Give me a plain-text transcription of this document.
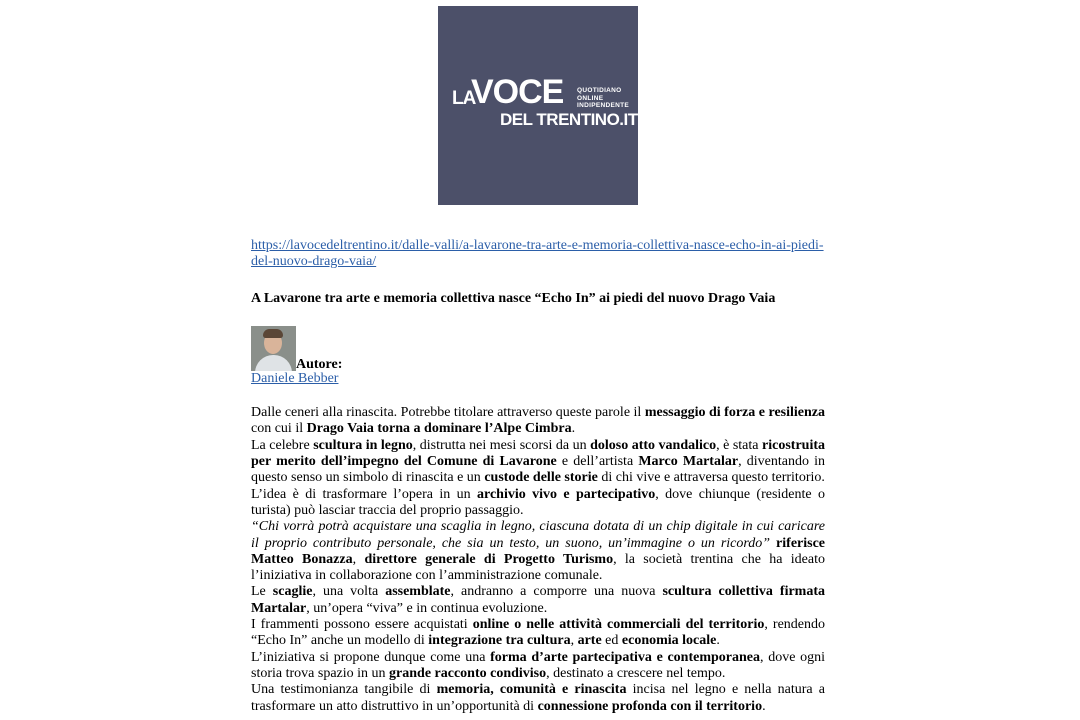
LA
VOCE QUOTIDIANO
ONLINE
INDIPENDENTE
DEL TRENTINO.IT

https://lavocedeltrentino.it/dalle-valli/a-lavarone-tra-arte-e-memoria-collettiva-nasce-echo-in-ai-piedi-del-nuovo-drago-vaia/

A Lavarone tra arte e memoria collettiva nasce “Echo In” ai piedi del nuovo Drago Vaia
Autore:
Daniele Bebber

Dalle ceneri alla rinascita. Potrebbe titolare attraverso queste parole il messaggio di forza e resilienza con cui il Drago Vaia torna a dominare l’Alpe Cimbra.

La celebre scultura in legno, distrutta nei mesi scorsi da un doloso atto vandalico, è stata ricostruita per merito dell’impegno del Comune di Lavarone e dell’artista Marco Martalar, diventando in questo senso un simbolo di rinascita e un custode delle storie di chi vive e attraversa questo territorio.

L’idea è di trasformare l’opera in un archivio vivo e partecipativo, dove chiunque (residente o turista) può lasciar traccia del proprio passaggio.

“Chi vorrà potrà acquistare una scaglia in legno, ciascuna dotata di un chip digitale in cui caricare il proprio contributo personale, che sia un testo, un suono, un’immagine o un ricordo” riferisce Matteo Bonazza, direttore generale di Progetto Turismo, la società trentina che ha ideato l’iniziativa in collaborazione con l’amministrazione comunale.

Le scaglie, una volta assemblate, andranno a comporre una nuova scultura collettiva firmata Martalar, un’opera “viva” e in continua evoluzione.

I frammenti possono essere acquistati online o nelle attività commerciali del territorio, rendendo “Echo In” anche un modello di integrazione tra cultura, arte ed economia locale.

L’iniziativa si propone dunque come una forma d’arte partecipativa e contemporanea, dove ogni storia trova spazio in un grande racconto condiviso, destinato a crescere nel tempo.

Una testimonianza tangibile di memoria, comunità e rinascita incisa nel legno e nella natura a trasformare un atto distruttivo in un’opportunità di connessione profonda con il territorio.
